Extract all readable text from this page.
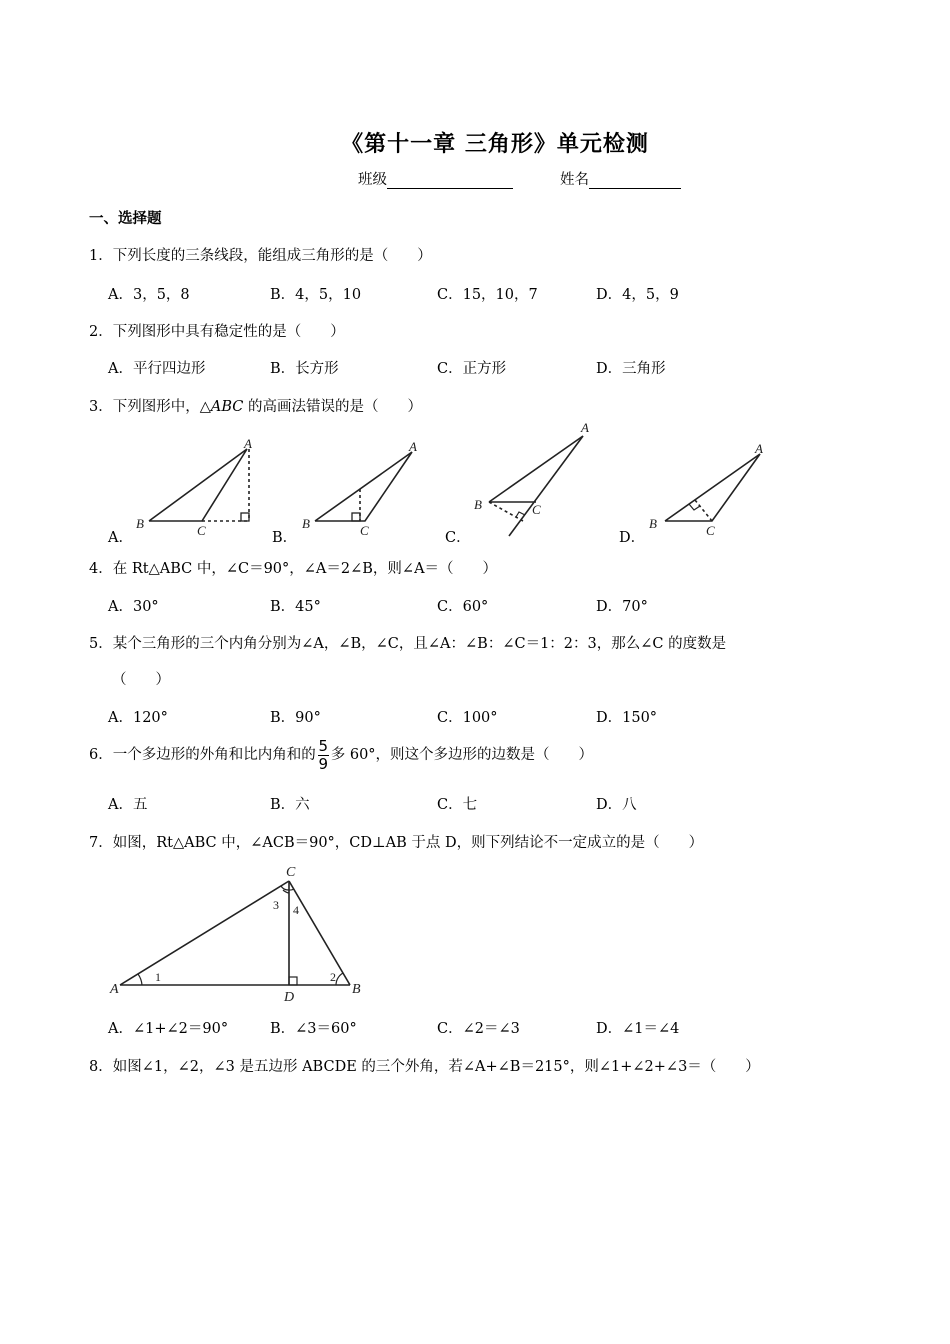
《第十一章 三角形》单元检测
班级	姓名
一、选择题
1．下列长度的三条线段，能组成三角形的是（　　）
A．3，5，8	B．4，5，10	C．15，10，7	D．4，5，9
2．下列图形中具有稳定性的是（　　）
A．平行四边形	B．长方形	C．正方形	D．三角形
3．下列图形中，△ABC 的高画法错误的是（　　）
A．	B．	C．	D．
A
B	C
A
B	C
A
B	C
A
B	C
4．在 Rt△ABC 中，∠C＝90°，∠A＝2∠B，则∠A＝（　　）
A．30°	B．45°	C．60°	D．70°
5．某个三角形的三个内角分别为∠A，∠B，∠C，且∠A：∠B：∠C＝1：2：3，那么∠C 的度数是
（　　）
A．120°	B．90°	C．100°	D．150°
6．一个多边形的外角和比内角和的 $\frac{5}{9}$ 多 60°，则这个多边形的边数是（　　）
A．五	B．六	C．七	D．八
7．如图，Rt△ABC 中，∠ACB＝90°，CD⊥AB 于点 D，则下列结论不一定成立的是（　　）
A	B
C
D
1	2
3 4
A．∠1+∠2＝90°	B．∠3＝60°	C．∠2＝∠3	D．∠1＝∠4
8．如图∠1，∠2，∠3 是五边形 ABCDE 的三个外角，若∠A+∠B＝215°，则∠1+∠2+∠3＝（　　）
